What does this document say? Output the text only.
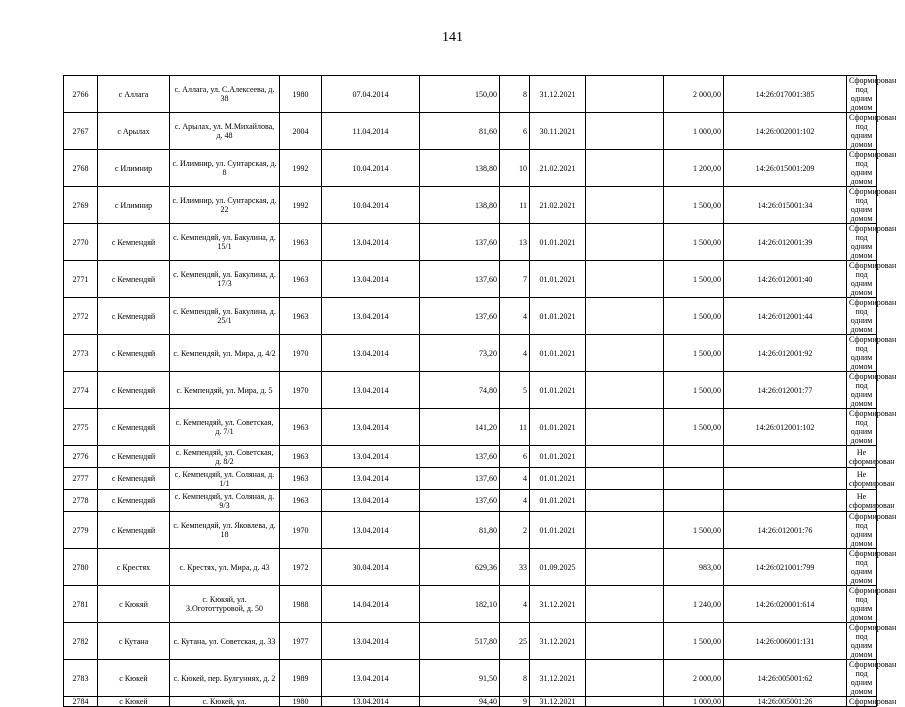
141
2766	с Аллага	с. Аллага, ул. С.Алексеева, д. 38	1980	07.04.2014	150,00	8	31.12.2021		2 000,00	14:26:017001:385	Сформирован под одним домом
2767	с Арылах	с. Арылах, ул. М.Михайлова, д. 48	2004	11.04.2014	81,60	6	30.11.2021		1 000,00	14:26:002001:102	Сформирован под одним домом
2768	с Илимнир	с. Илимнир, ул. Сунтарская, д. 8	1992	10.04.2014	138,80	10	21.02.2021		1 200,00	14:26:015001:209	Сформирован под одним домом
2769	с Илимнир	с. Илимнир, ул. Сунтарская, д. 22	1992	10.04.2014	138,80	11	21.02.2021		1 500,00	14:26:015001:34	Сформирован под одним домом
2770	с Кемпендяй	с. Кемпендяй, ул. Бакулина, д. 15/1	1963	13.04.2014	137,60	13	01.01.2021		1 500,00	14:26:012001:39	Сформирован под одним домом
2771	с Кемпендяй	с. Кемпендяй, ул. Бакулина, д. 17/3	1963	13.04.2014	137,60	7	01.01.2021		1 500,00	14:26:012001:40	Сформирован под одним домом
2772	с Кемпендяй	с. Кемпендяй, ул. Бакулина, д. 25/1	1963	13.04.2014	137,60	4	01.01.2021		1 500,00	14:26:012001:44	Сформирован под одним домом
2773	с Кемпендяй	с. Кемпендяй, ул. Мира, д. 4/2	1970	13.04.2014	73,20	4	01.01.2021		1 500,00	14:26:012001:92	Сформирован под одним домом
2774	с Кемпендяй	с. Кемпендяй, ул. Мира, д. 5	1970	13.04.2014	74,80	5	01.01.2021		1 500,00	14:26:012001:77	Сформирован под одним домом
2775	с Кемпендяй	с. Кемпендяй, ул. Советская, д. 7/1	1963	13.04.2014	141,20	11	01.01.2021		1 500,00	14:26:012001:102	Сформирован под одним домом
2776	с Кемпендяй	с. Кемпендяй, ул. Советская, д. 8/2	1963	13.04.2014	137,60	6	01.01.2021				Не сформирован
2777	с Кемпендяй	с. Кемпендяй, ул. Соляная, д. 1/1	1963	13.04.2014	137,60	4	01.01.2021				Не сформирован
2778	с Кемпендяй	с. Кемпендяй, ул. Соляная, д. 9/3	1963	13.04.2014	137,60	4	01.01.2021				Не сформирован
2779	с Кемпендяй	с. Кемпендяй, ул. Яковлева, д. 18	1970	13.04.2014	81,80	2	01.01.2021		1 500,00	14:26:012001:76	Сформирован под одним домом
2780	с Крестях	с. Крестях, ул. Мира, д. 43	1972	30.04.2014	629,36	33	01.09.2025		983,00	14:26:021001:799	Сформирован под одним домом
2781	с Кюкяй	с. Кюкяй, ул. З.Огототтуровой, д. 50	1988	14.04.2014	182,10	4	31.12.2021		1 240,00	14:26:020001:614	Сформирован под одним домом
2782	с Кутана	с. Кутана, ул. Советская, д. 33	1977	13.04.2014	517,80	25	31.12.2021		1 500,00	14:26:006001:131	Сформирован под одним домом
2783	с Кюкей	с. Кюкей, пер. Булгуннях, д. 2	1989	13.04.2014	91,50	8	31.12.2021		2 000,00	14:26:005001:62	Сформирован под одним домом
2784	с Кюкей	с. Кюкей, ул.	1980	13.04.2014	94,40	9	31.12.2021		1 000,00	14:26:005001:26	Сформирован
